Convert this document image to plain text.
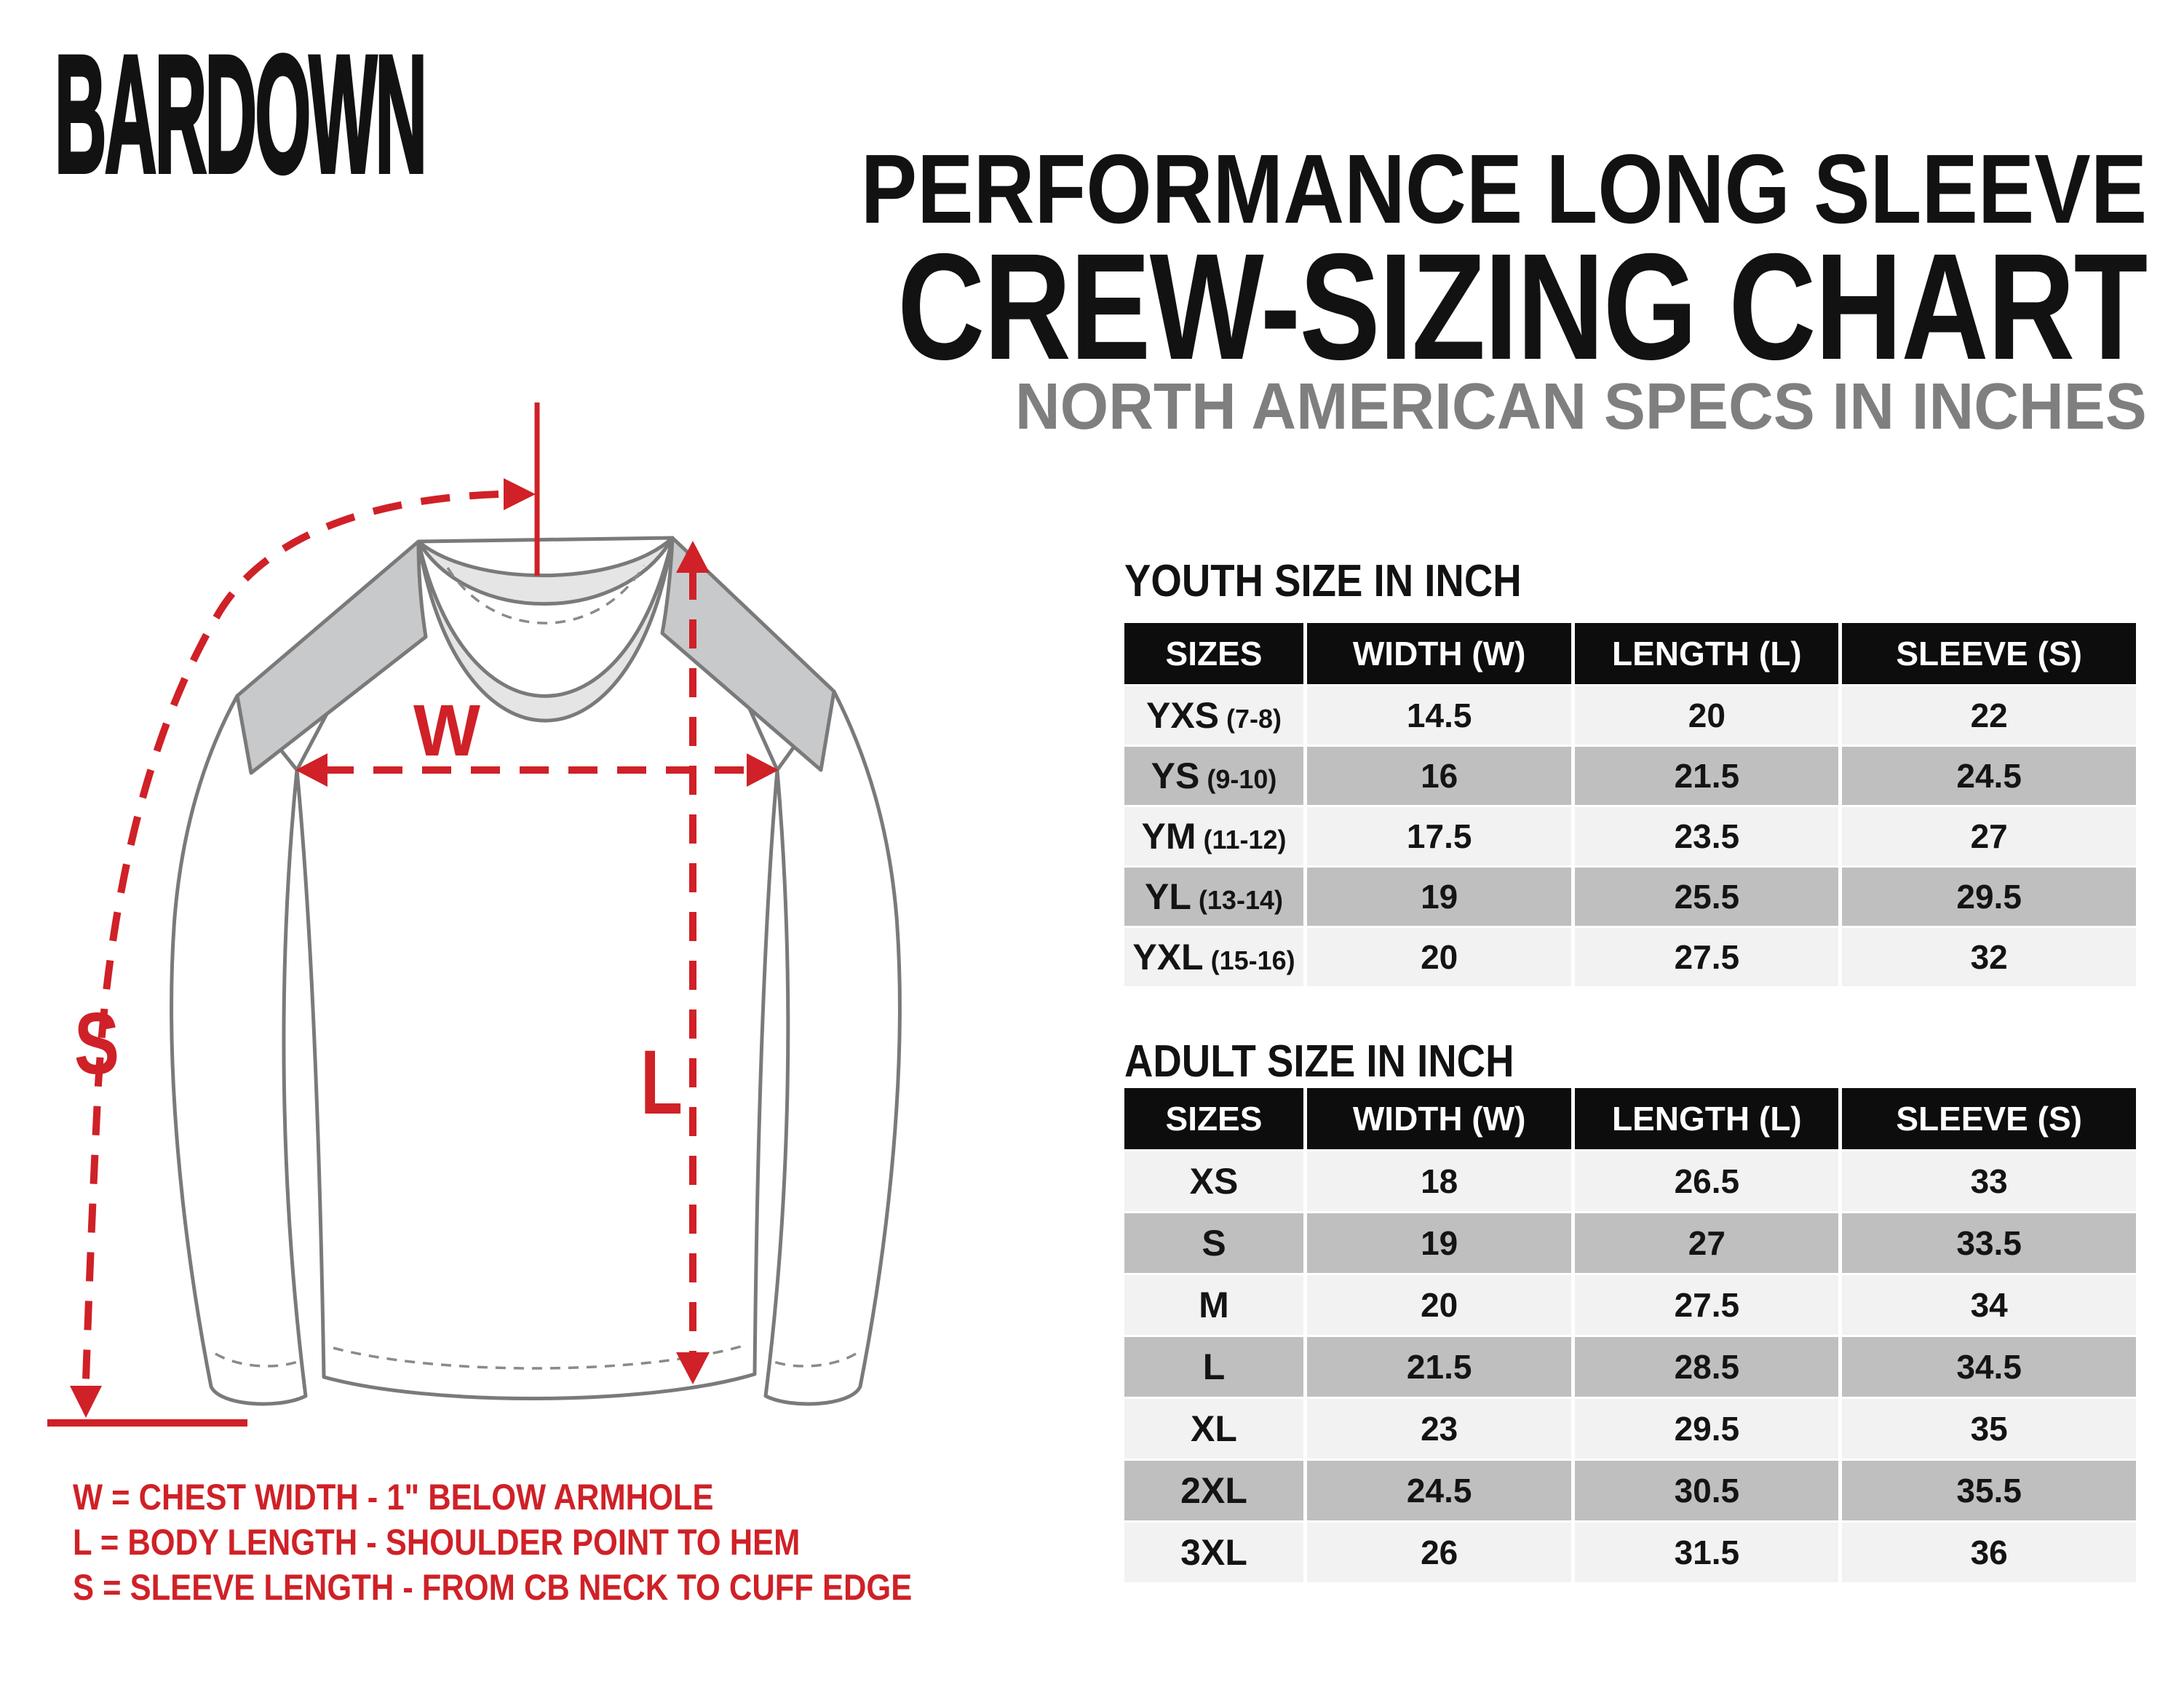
BARDOWN	PERFORMANCE LONG SLEEVE
CREW-SIZING CHART
NORTH AMERICAN SPECS IN INCHES
W
L
S
W = CHEST WIDTH - 1" BELOW ARMHOLE
L = BODY LENGTH - SHOULDER POINT TO HEM
S = SLEEVE LENGTH - FROM CB NECK TO CUFF EDGE
YOUTH SIZE IN INCH
SIZES	WIDTH (W)	LENGTH (L)	SLEEVE (S)
YXS (7-8)	14.5	20	22
YS (9-10)	16	21.5	24.5
YM (11-12)	17.5	23.5	27
YL (13-14)	19	25.5	29.5
YXL (15-16)	20	27.5	32
ADULT SIZE IN INCH
SIZES	WIDTH (W)	LENGTH (L)	SLEEVE (S)
XS	18	26.5	33
S	19	27	33.5
M	20	27.5	34
L	21.5	28.5	34.5
XL	23	29.5	35
2XL	24.5	30.5	35.5
3XL	26	31.5	36
